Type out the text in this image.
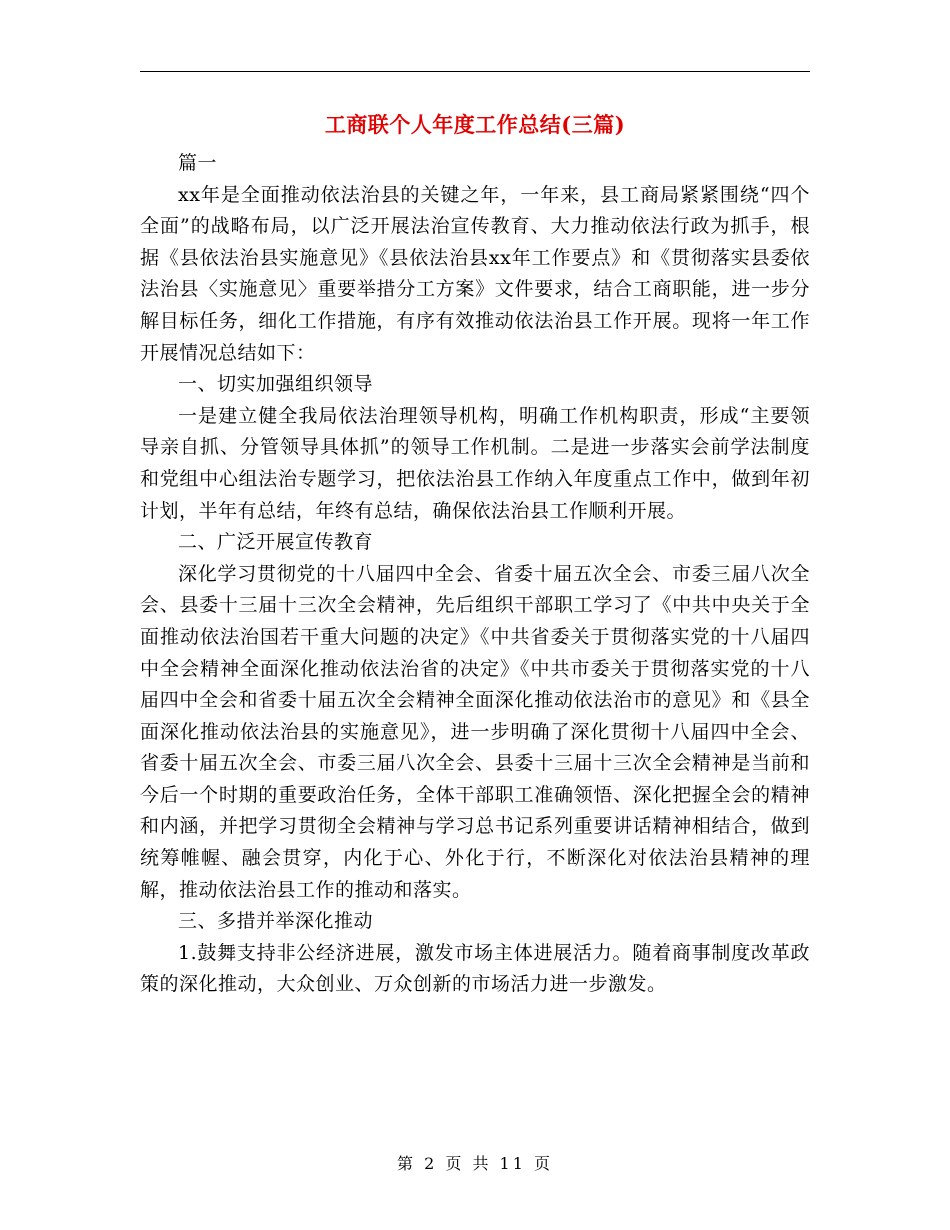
工商联个人年度工作总结(三篇)

篇一

xx年是全面推动依法治县的关键之年，一年来，县工商局紧紧围绕“四个全面”的战略布局，以广泛开展法治宣传教育、大力推动依法行政为抓手，根据《县依法治县实施意见》《县依法治县xx年工作要点》和《贯彻落实县委依法治县〈实施意见〉重要举措分工方案》文件要求，结合工商职能，进一步分解目标任务，细化工作措施，有序有效推动依法治县工作开展。现将一年工作开展情况总结如下：

一、切实加强组织领导

一是建立健全我局依法治理领导机构，明确工作机构职责，形成“主要领导亲自抓、分管领导具体抓”的领导工作机制。二是进一步落实会前学法制度和党组中心组法治专题学习，把依法治县工作纳入年度重点工作中，做到年初计划，半年有总结，年终有总结，确保依法治县工作顺利开展。

二、广泛开展宣传教育

深化学习贯彻党的十八届四中全会、省委十届五次全会、市委三届八次全会、县委十三届十三次全会精神，先后组织干部职工学习了《中共中央关于全面推动依法治国若干重大问题的决定》《中共省委关于贯彻落实党的十八届四中全会精神全面深化推动依法治省的决定》《中共市委关于贯彻落实党的十八届四中全会和省委十届五次全会精神全面深化推动依法治市的意见》和《县全面深化推动依法治县的实施意见》，进一步明确了深化贯彻十八届四中全会、省委十届五次全会、市委三届八次全会、县委十三届十三次全会精神是当前和今后一个时期的重要政治任务，全体干部职工准确领悟、深化把握全会的精神和内涵，并把学习贯彻全会精神与学习总书记系列重要讲话精神相结合，做到统筹帷幄、融会贯穿，内化于心、外化于行，不断深化对依法治县精神的理解，推动依法治县工作的推动和落实。

三、多措并举深化推动

1.鼓舞支持非公经济进展，激发市场主体进展活力。随着商事制度改革政策的深化推动，大众创业、万众创新的市场活力进一步激发。

第 2 页 共 11 页
